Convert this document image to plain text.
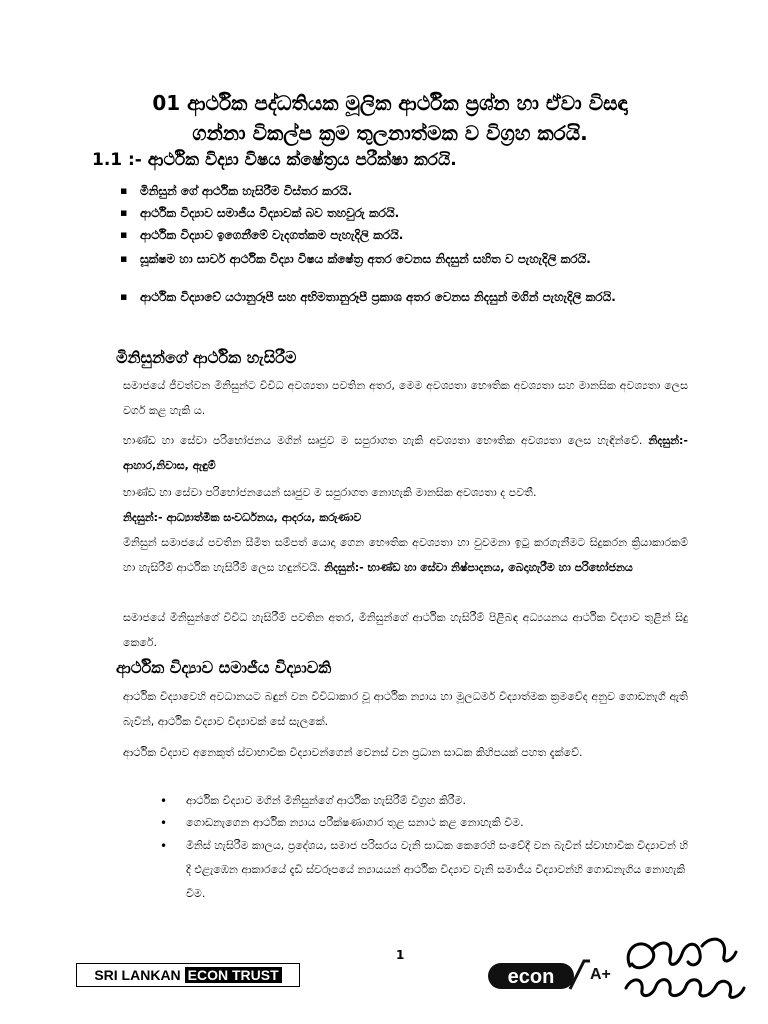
01 ආර්ථික පද්ධතියක මූලික ආර්ථික ප්‍රශ්න හා ඒවා විසඳා
ගන්නා විකල්ප ක්‍රම තුලනාත්මක ව විග්‍රහ කරයි.
1.1 :- ආර්ථික විද්‍යා විෂය ක්ෂේත්‍රය පරීක්ෂා කරයි.
▪ මිනිසුන් ගේ ආර්ථික හැසිරීම විස්තර කරයි.
▪ ආර්ථික විද්‍යාව සමාජීය විද්‍යාවක් බව තහවුරු කරයි.
▪ ආර්ථික විද්‍යාව ඉගෙනීමේ වැදගත්කම පැහැදිලි කරයි.
▪ සූක්ෂම හා සාර්ව ආර්ථික විද්‍යා විෂය ක්ෂේත්‍ර අතර වෙනස නිදසුන් සහිත ව පැහැදිලි කරයි.
▪ ආර්ථික විද්‍යාවේ යථානුරූපී සහ අභිමතානුරූපී ප්‍රකාශ අතර වෙනස නිදසුන් මගින් පැහැදිලි කරයි.
මිනිසුන්ගේ ආර්ථික හැසිරීම
සමාජයේ ජීවත්වන මිනිසුන්ට විවිධ අවශ්‍යතා පවතින අතර, මෙම අවශ්‍යතා භෞතික අවශ්‍යතා සහ මානසික අවශ්‍යතා ලෙස වර්ග කළ හැකි ය.
භාණ්ඩ හා සේවා පරිභෝජනය මගින් සෘජුව ම සපුරාගත හැකි අවශ්‍යතා භෞතික අවශ්‍යතා ලෙස හැඳින්වේ. නිදසුන්:-ආහාර,නිවාස, ඇඳුම්
භාණ්ඩ හා සේවා පරිභෝජනයෙන් සෘජුව ම සපුරාගත නොහැකි මානසික අවශ්‍යතා ද පවතී.
නිදසුන්:- ආධ්‍යාත්මික සංවර්ධනය, ආදරය, කරුණාව
මිනිසුන් සමාජයේ පවතින සීමිත සම්පත් යොදා ගෙන භෞතික අවශ්‍යතා හා වුවමනා ඉටු කරගැනීමට සිදුකරන ක්‍රියාකාරකම් හා හැසිරීම් ආර්ථික හැසිරීම් ලෙස හඳුන්වයි. නිදසුන්:- භාණ්ඩ හා සේවා නිෂ්පාදනය, බෙදාහැරීම හා පරිභෝජනය
සමාජයේ මිනිසුන්ගේ විවිධ හැසිරීම් පවතින අතර, මිනිසුන්ගේ ආර්ථික හැසිරීම් පිළිබඳ අධ්‍යයනය ආර්ථික විද්‍යාව තුළින් සිදු කෙරේ.
ආර්ථික විද්‍යාව සමාජීය විද්‍යාවකි
ආර්ථික විද්‍යාවෙහි අවධානයට බඳුන් වන විවිධාකාර වූ ආර්ථික න්‍යාය හා මූලධර්ම විද්‍යාත්මක ක්‍රමවේද අනුව ගොඩනැගී ඇති බැවින්, ආර්ථික විද්‍යාව විද්‍යාවක් සේ සැලකේ.
ආර්ථික විද්‍යාව අනෙකුත් ස්වාභාවික විද්‍යාවන්ගෙන් වෙනස් වන ප්‍රධාන සාධක කිහිපයක් පහත දැක්වේ.
• ආර්ථික විද්‍යාව මගින් මිනිසුන්ගේ ආර්ථික හැසිරීම් විග්‍රහ කිරීම.
• ගොඩනැගෙන ආර්ථික න්‍යාය පරීක්ෂණාගාර තුළ සනාථ කළ නොහැකි වීම.
• මිනිස් හැසිරීම කාලය, ප්‍රදේශය, සමාජ පරිසරය වැනි සාධක කෙරෙහි සංවේදී වන බැවින් ස්වාභාවික විද්‍යාවන් හි දී එළැඹෙන ආකාරයේ දැඩි ස්වරූපයේ න්‍යායයන් ආර්ථික විද්‍යාව වැනි සමාජීය විද්‍යාවන්හි ගොඩනැගිය නොහැකි වීම.
1
SRI LANKAN ECON TRUST	econ A+
